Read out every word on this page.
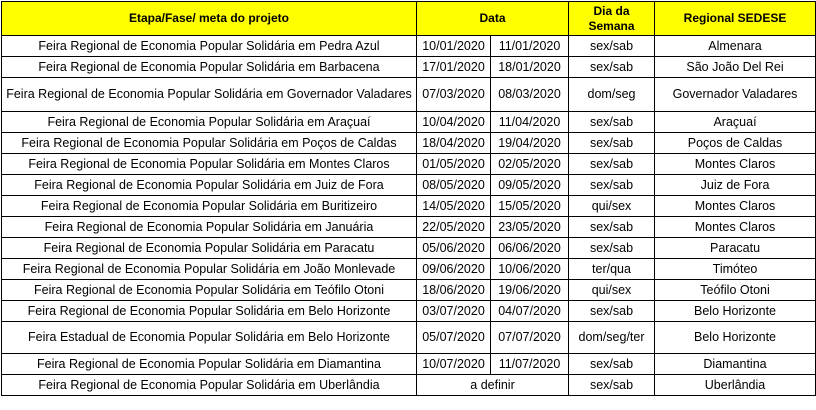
Etapa/Fase/ meta do projeto	Data		Dia da Semana	Regional SEDESE
Feira Regional de Economia Popular Solidária em Pedra Azul	10/01/2020	11/01/2020	sex/sab	Almenara
Feira Regional de Economia Popular Solidária em Barbacena	17/01/2020	18/01/2020	sex/sab	São João Del Rei
Feira Regional de Economia Popular Solidária em Governador Valadares	07/03/2020	08/03/2020	dom/seg	Governador Valadares
Feira Regional de Economia Popular Solidária em Araçuaí	10/04/2020	11/04/2020	sex/sab	Araçuaí
Feira Regional de Economia Popular Solidária em Poços de Caldas	18/04/2020	19/04/2020	sex/sab	Poços de Caldas
Feira Regional de Economia Popular Solidária em Montes Claros	01/05/2020	02/05/2020	sex/sab	Montes Claros
Feira Regional de Economia Popular Solidária em Juiz de Fora	08/05/2020	09/05/2020	sex/sab	Juiz de Fora
Feira Regional de Economia Popular Solidária em Buritizeiro	14/05/2020	15/05/2020	qui/sex	Montes Claros
Feira Regional de Economia Popular Solidária em Januária	22/05/2020	23/05/2020	sex/sab	Montes Claros
Feira Regional de Economia Popular Solidária em Paracatu	05/06/2020	06/06/2020	sex/sab	Paracatu
Feira Regional de Economia Popular Solidária em João Monlevade	09/06/2020	10/06/2020	ter/qua	Timóteo
Feira Regional de Economia Popular Solidária em Teófilo Otoni	18/06/2020	19/06/2020	qui/sex	Teófilo Otoni
Feira Regional de Economia Popular Solidária em Belo Horizonte	03/07/2020	04/07/2020	sex/sab	Belo Horizonte
Feira Estadual de Economia Popular Solidária em Belo Horizonte	05/07/2020	07/07/2020	dom/seg/ter	Belo Horizonte
Feira Regional de Economia Popular Solidária em Diamantina	10/07/2020	11/07/2020	sex/sab	Diamantina
Feira Regional de Economia Popular Solidária em Uberlândia	a definir		sex/sab	Uberlândia
